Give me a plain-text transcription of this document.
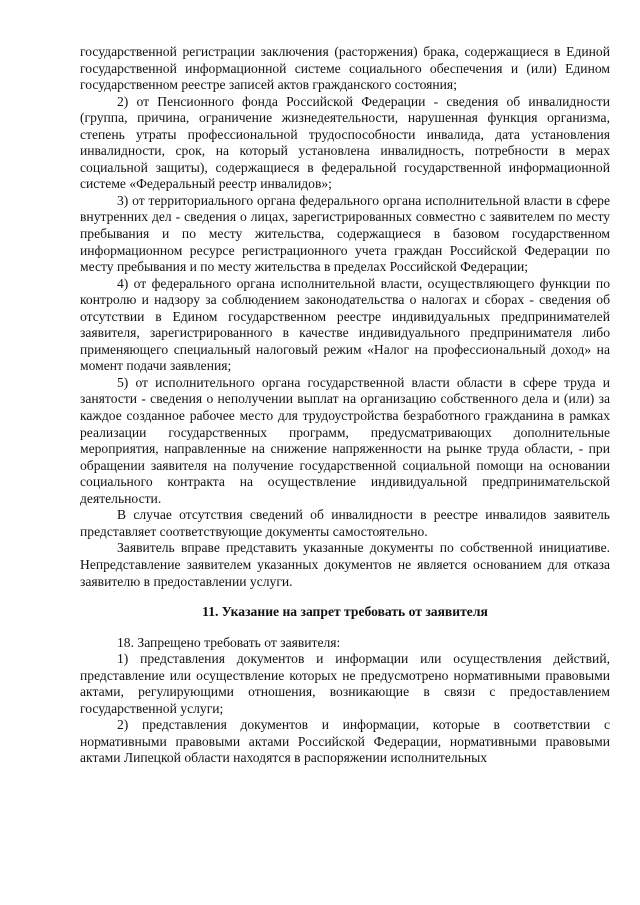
государственной регистрации заключения (расторжения) брака, содержащиеся в Единой государственной информационной системе социального обеспечения и (или) Едином государственном реестре записей актов гражданского состояния;

2) от Пенсионного фонда Российской Федерации - сведения об инвалидности (группа, причина, ограничение жизнедеятельности, нарушенная функция организма, степень утраты профессиональной трудоспособности инвалида, дата установления инвалидности, срок, на который установлена инвалидность, потребности в мерах социальной защиты), содержащиеся в федеральной государственной информационной системе «Федеральный реестр инвалидов»;

3) от территориального органа федерального органа исполнительной власти в сфере внутренних дел - сведения о лицах, зарегистрированных совместно с заявителем по месту пребывания и по месту жительства, содержащиеся в базовом государственном информационном ресурсе регистрационного учета граждан Российской Федерации по месту пребывания и по месту жительства в пределах Российской Федерации;

4) от федерального органа исполнительной власти, осуществляющего функции по контролю и надзору за соблюдением законодательства о налогах и сборах - сведения об отсутствии в Едином государственном реестре индивидуальных предпринимателей заявителя, зарегистрированного в качестве индивидуального предпринимателя либо применяющего специальный налоговый режим «Налог на профессиональный доход» на момент подачи заявления;

5) от исполнительного органа государственной власти области в сфере труда и занятости - сведения о неполучении выплат на организацию собственного дела и (или) за каждое созданное рабочее место для трудоустройства безработного гражданина в рамках реализации государственных программ, предусматривающих дополнительные мероприятия, направленные на снижение напряженности на рынке труда области, - при обращении заявителя на получение государственной социальной помощи на основании социального контракта на осуществление индивидуальной предпринимательской деятельности.

В случае отсутствия сведений об инвалидности в реестре инвалидов заявитель представляет соответствующие документы самостоятельно.

Заявитель вправе представить указанные документы по собственной инициативе. Непредставление заявителем указанных документов не является основанием для отказа заявителю в предоставлении услуги.

11. Указание на запрет требовать от заявителя

18. Запрещено требовать от заявителя:

1) представления документов и информации или осуществления действий, представление или осуществление которых не предусмотрено нормативными правовыми актами, регулирующими отношения, возникающие в связи с предоставлением государственной услуги;

2) представления документов и информации, которые в соответствии с нормативными правовыми актами Российской Федерации, нормативными правовыми актами Липецкой области находятся в распоряжении исполнительных
